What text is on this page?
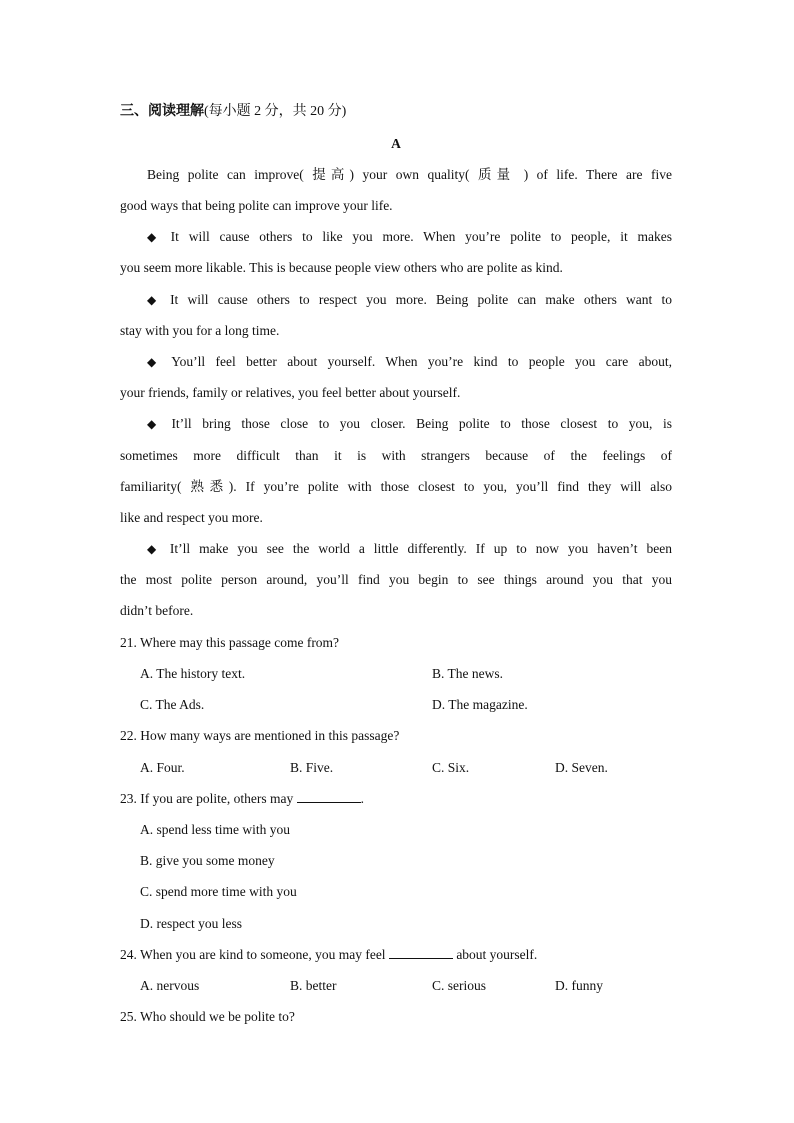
三、阅读理解(每小题 2 分，共 20 分)
A
Being polite can improve( 提高) your own quality( 质量 ) of life. There are five
good ways that being polite can improve your life.
◆ It will cause others to like you more. When you’re polite to people, it makes
you seem more likable. This is because people view others who are polite as kind.
◆ It will cause others to respect you more. Being polite can make others want to
stay with you for a long time.
◆ You’ll feel better about yourself. When you’re kind to people you care about,
your friends, family or relatives, you feel better about yourself.
◆ It’ll bring those close to you closer. Being polite to those closest to you, is
sometimes more difficult than it is with strangers because of the feelings of
familiarity( 熟悉). If you’re polite with those closest to you, you’ll find they will also
like and respect you more.
◆ It’ll make you see the world a little differently. If up to now you haven’t been
the most polite person around, you’ll find you begin to see things around you that you
didn’t before.
21. Where may this passage come from?
A. The history text.	B. The news.
C. The Ads.	D. The magazine.
22. How many ways are mentioned in this passage?
A. Four.	B. Five.	C. Six.	D. Seven.
23. If you are polite, others may	.
A. spend less time with you
B. give you some money
C. spend more time with you
D. respect you less
24. When you are kind to someone, you may feel	about yourself.
A. nervous	B. better	C. serious	D. funny
25. Who should we be polite to?
